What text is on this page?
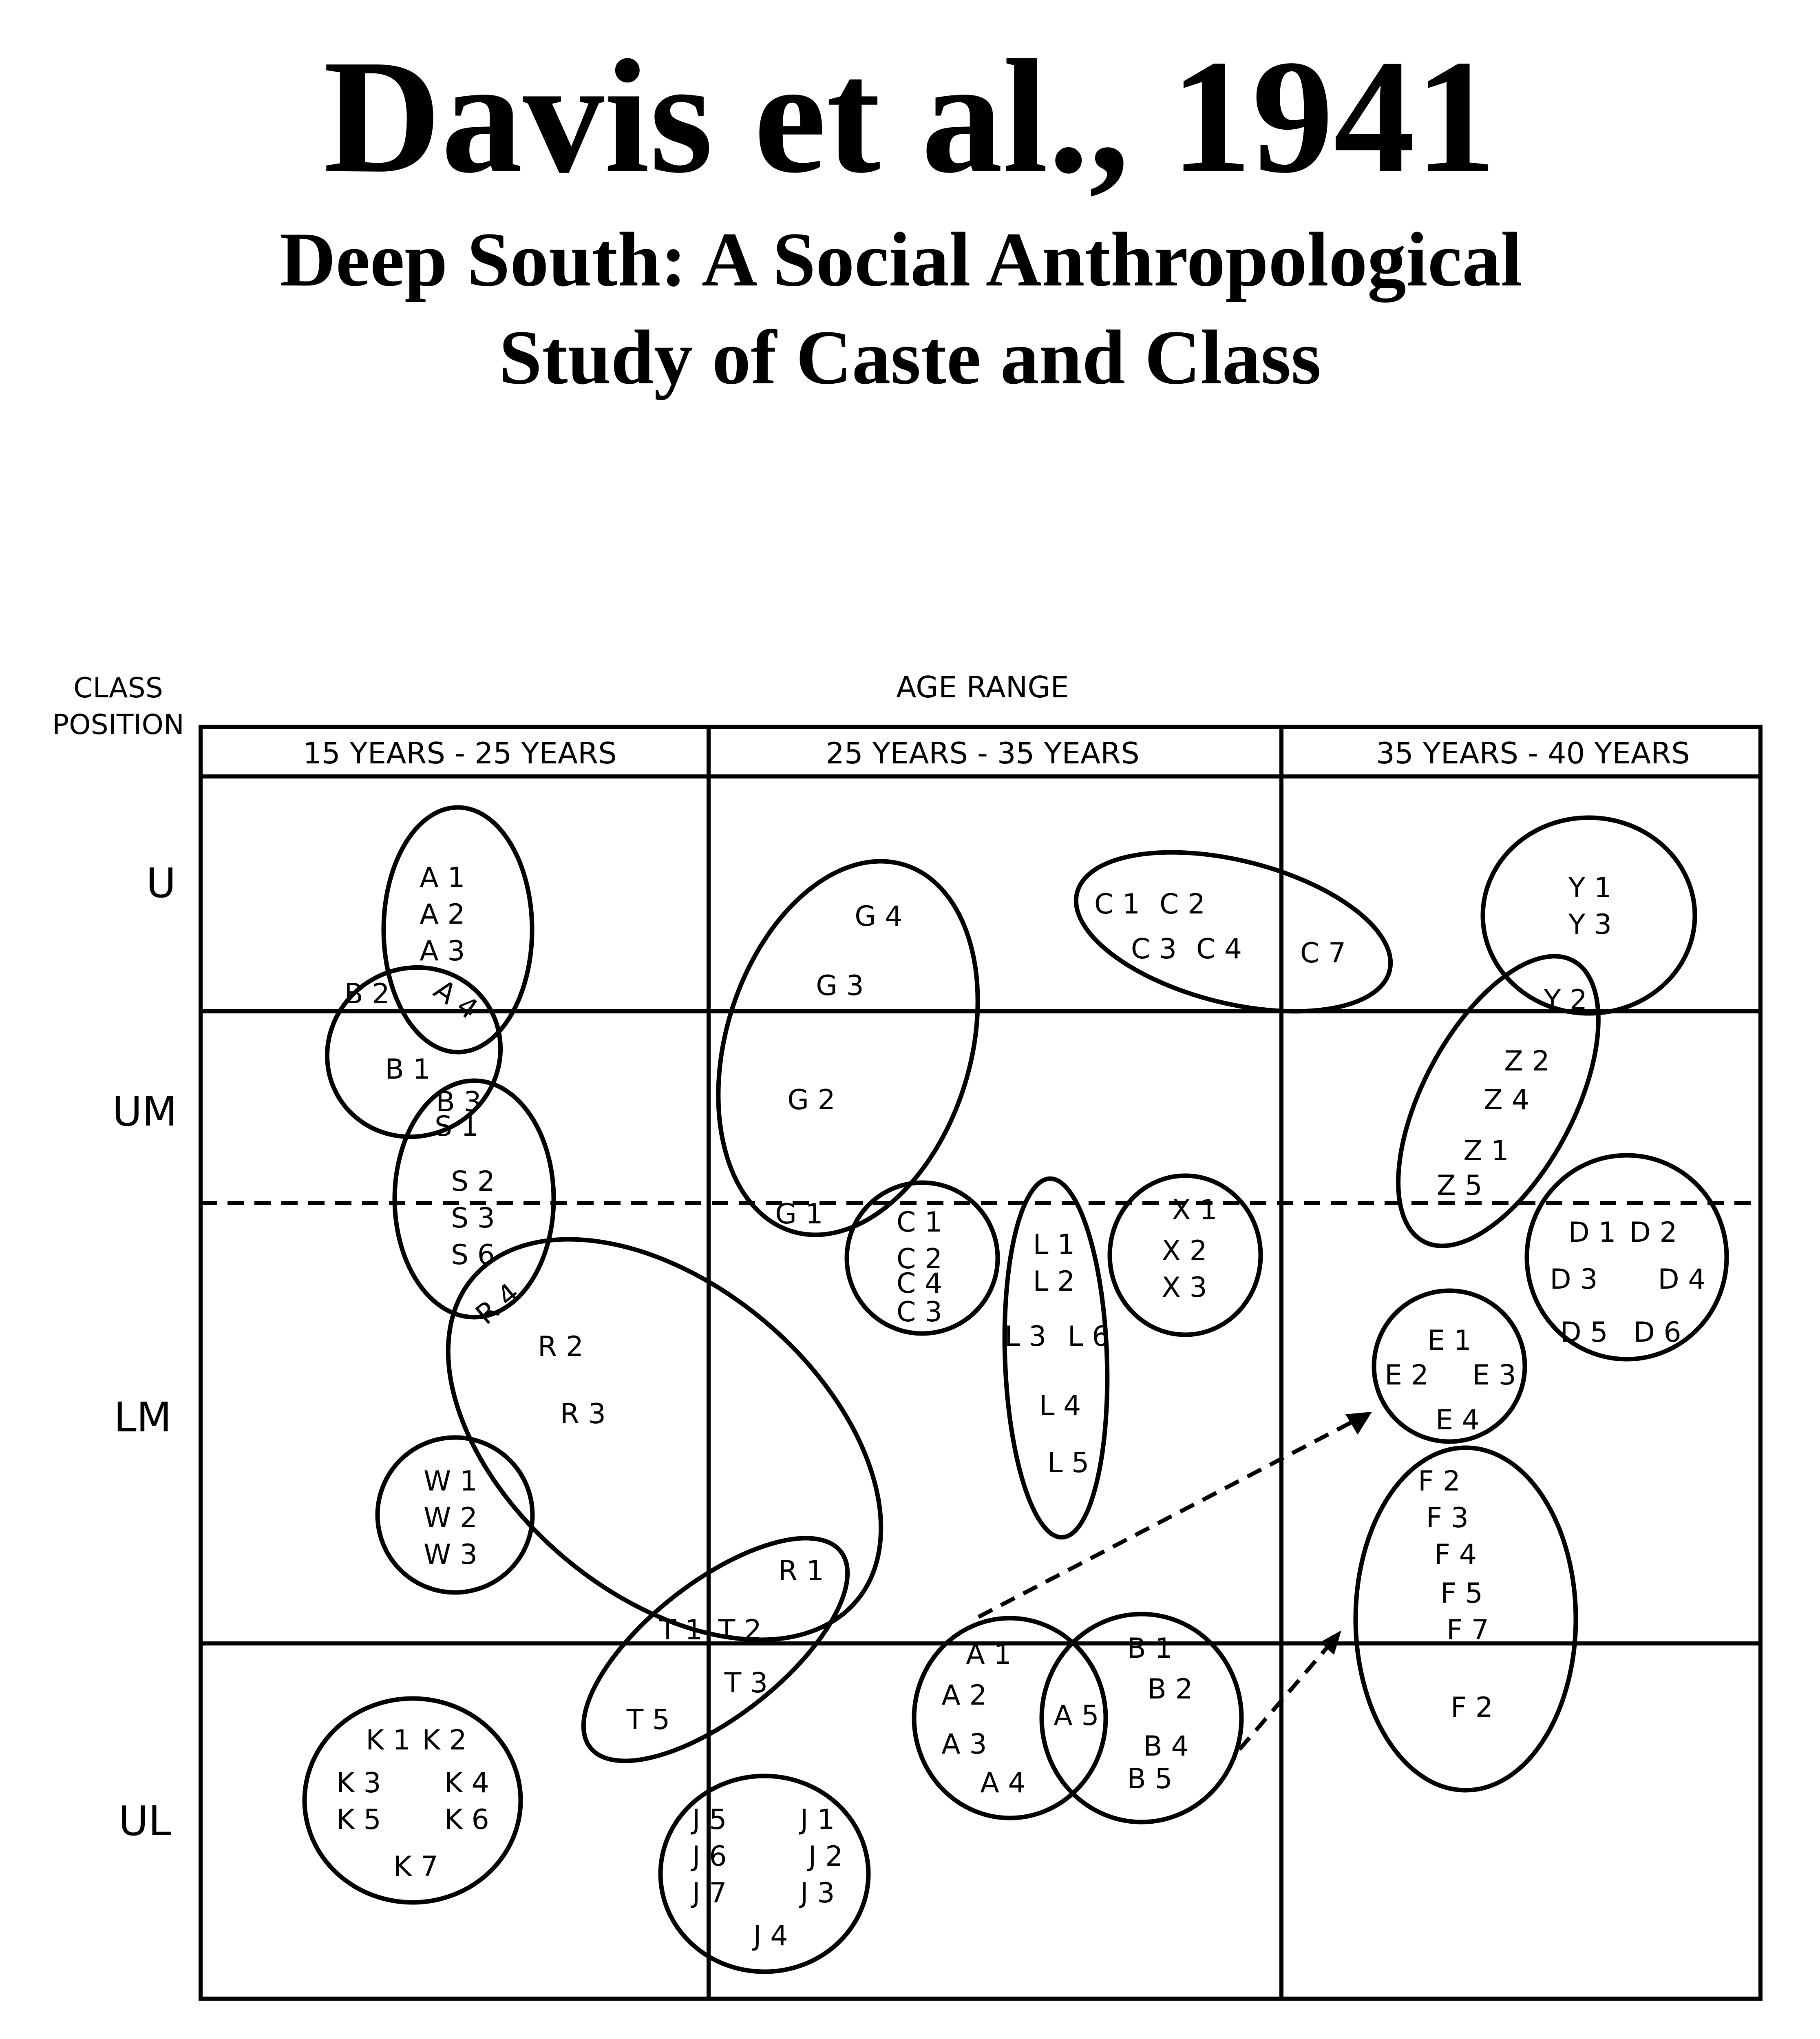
Davis et al., 1941
Deep South: A Social Anthropological
Study of Caste and Class
CLASS
POSITION
AGE RANGE
15 YEARS - 25 YEARS	25 YEARS - 35 YEARS	35 YEARS - 40 YEARS
U
UM
LM
UL
A 1
A 2
A 3
A 4
B 2
B 1
B 3
S 1
S 2
S 3
S 6
R 4
R 2
R 3
R 1
W 1
W 2
W 3
K 1 K 2
K 3 K 4
K 5 K 6
K 7
T 1 T 2
T 3
T 5
J 5	J 1
J 6	J 2
J 7	J 3
J 4
G 4
G 3
G 2
G 1
C 1 C 2
C 3 C 4 C 7
C 1
C 2
C 4
C 3
L 1
L 2
L 3 L 6
L 4
L 5
X 1
X 2
X 3
Y 1
Y 3
Y 2
Z 2
Z 4
Z 1
Z 5
D 1 D 2
D 3 D 4
D 5 D 6
E 1
E 2 E 3
E 4
F 2
F 3
F 4
F 5
F 7
F 2
A 1
A 2
A 3
A 4
A 5
B 1
B 2
B 4
B 5
